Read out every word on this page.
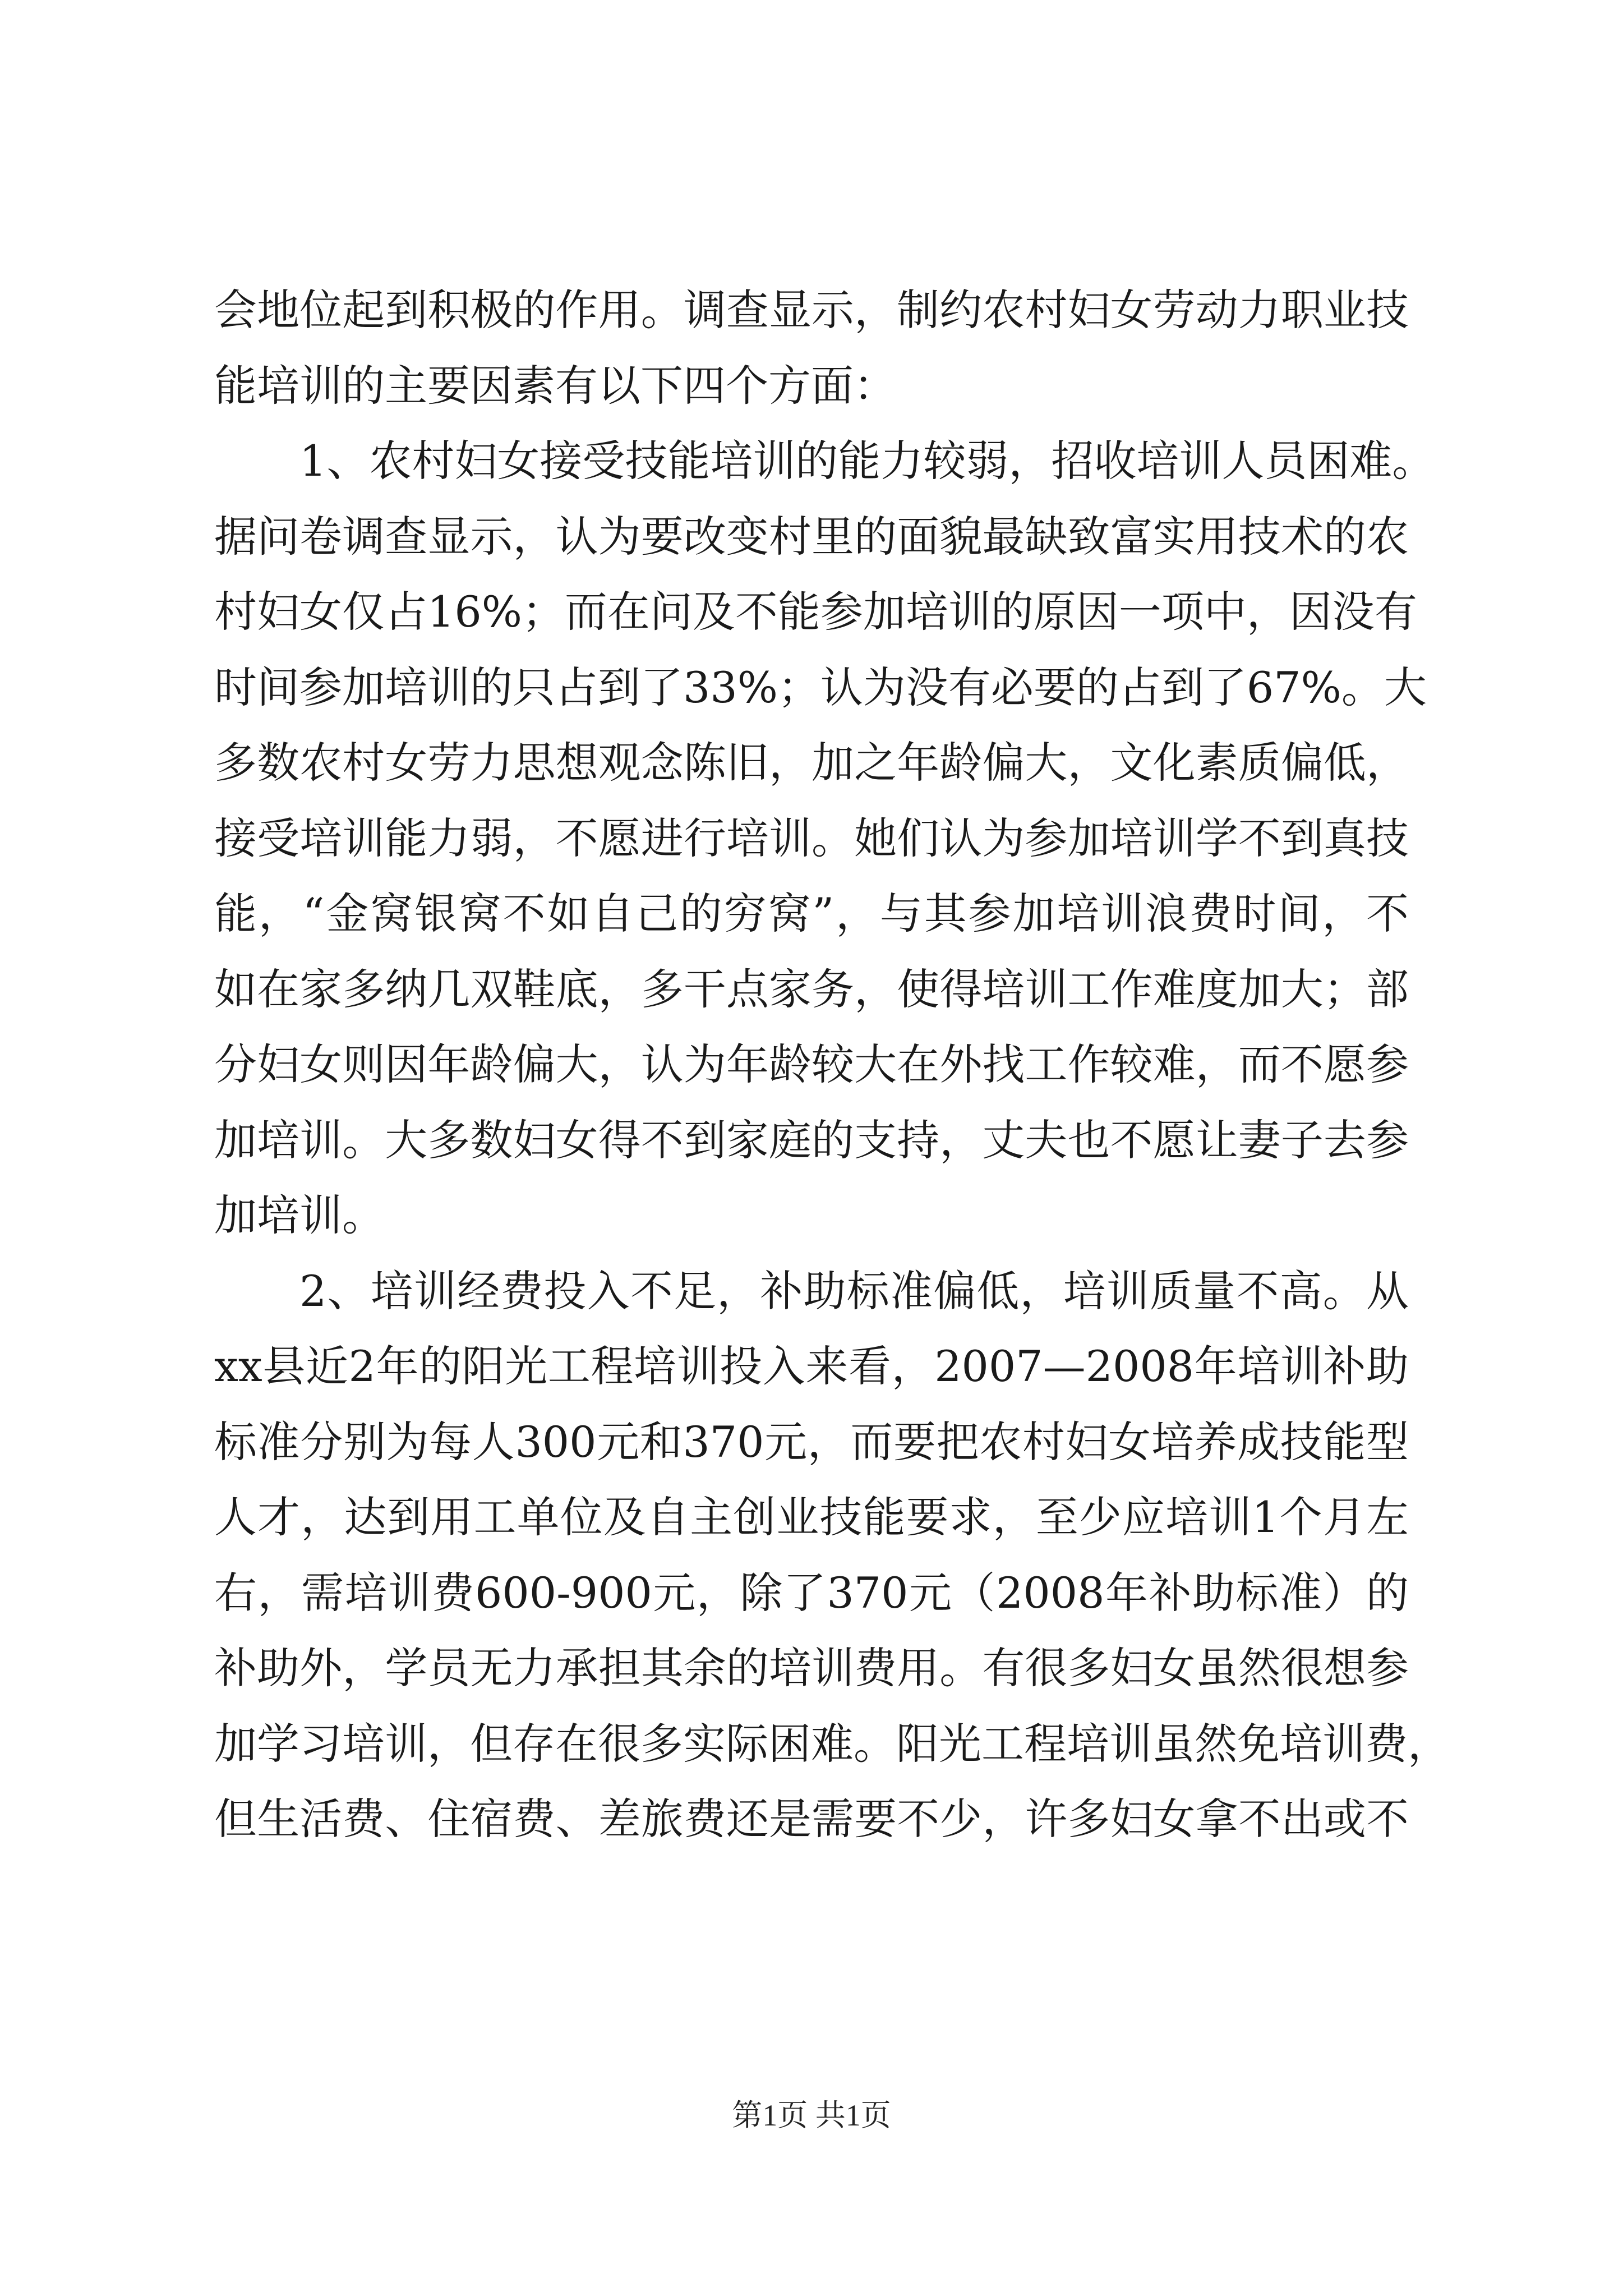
会地位起到积极的作用。调查显示，制约农村妇女劳动力职业技
能培训的主要因素有以下四个方面：
1、农村妇女接受技能培训的能力较弱，招收培训人员困难。
据问卷调查显示，认为要改变村里的面貌最缺致富实用技术的农
村妇女仅占16%；而在问及不能参加培训的原因一项中，因没有
时间参加培训的只占到了33%；认为没有必要的占到了67%。大
多数农村女劳力思想观念陈旧，加之年龄偏大，文化素质偏低，
接受培训能力弱，不愿进行培训。她们认为参加培训学不到真技
能，“金窝银窝不如自己的穷窝”，与其参加培训浪费时间，不
如在家多纳几双鞋底，多干点家务，使得培训工作难度加大；部
分妇女则因年龄偏大，认为年龄较大在外找工作较难，而不愿参
加培训。大多数妇女得不到家庭的支持，丈夫也不愿让妻子去参
加培训。
2、培训经费投入不足，补助标准偏低，培训质量不高。从
xx县近2年的阳光工程培训投入来看，2007—2008年培训补助
标准分别为每人300元和370元，而要把农村妇女培养成技能型
人才，达到用工单位及自主创业技能要求，至少应培训1个月左
右，需培训费600-900元，除了370元（2008年补助标准）的
补助外，学员无力承担其余的培训费用。有很多妇女虽然很想参
加学习培训，但存在很多实际困难。阳光工程培训虽然免培训费，
但生活费、住宿费、差旅费还是需要不少，许多妇女拿不出或不
第1页 共1页
